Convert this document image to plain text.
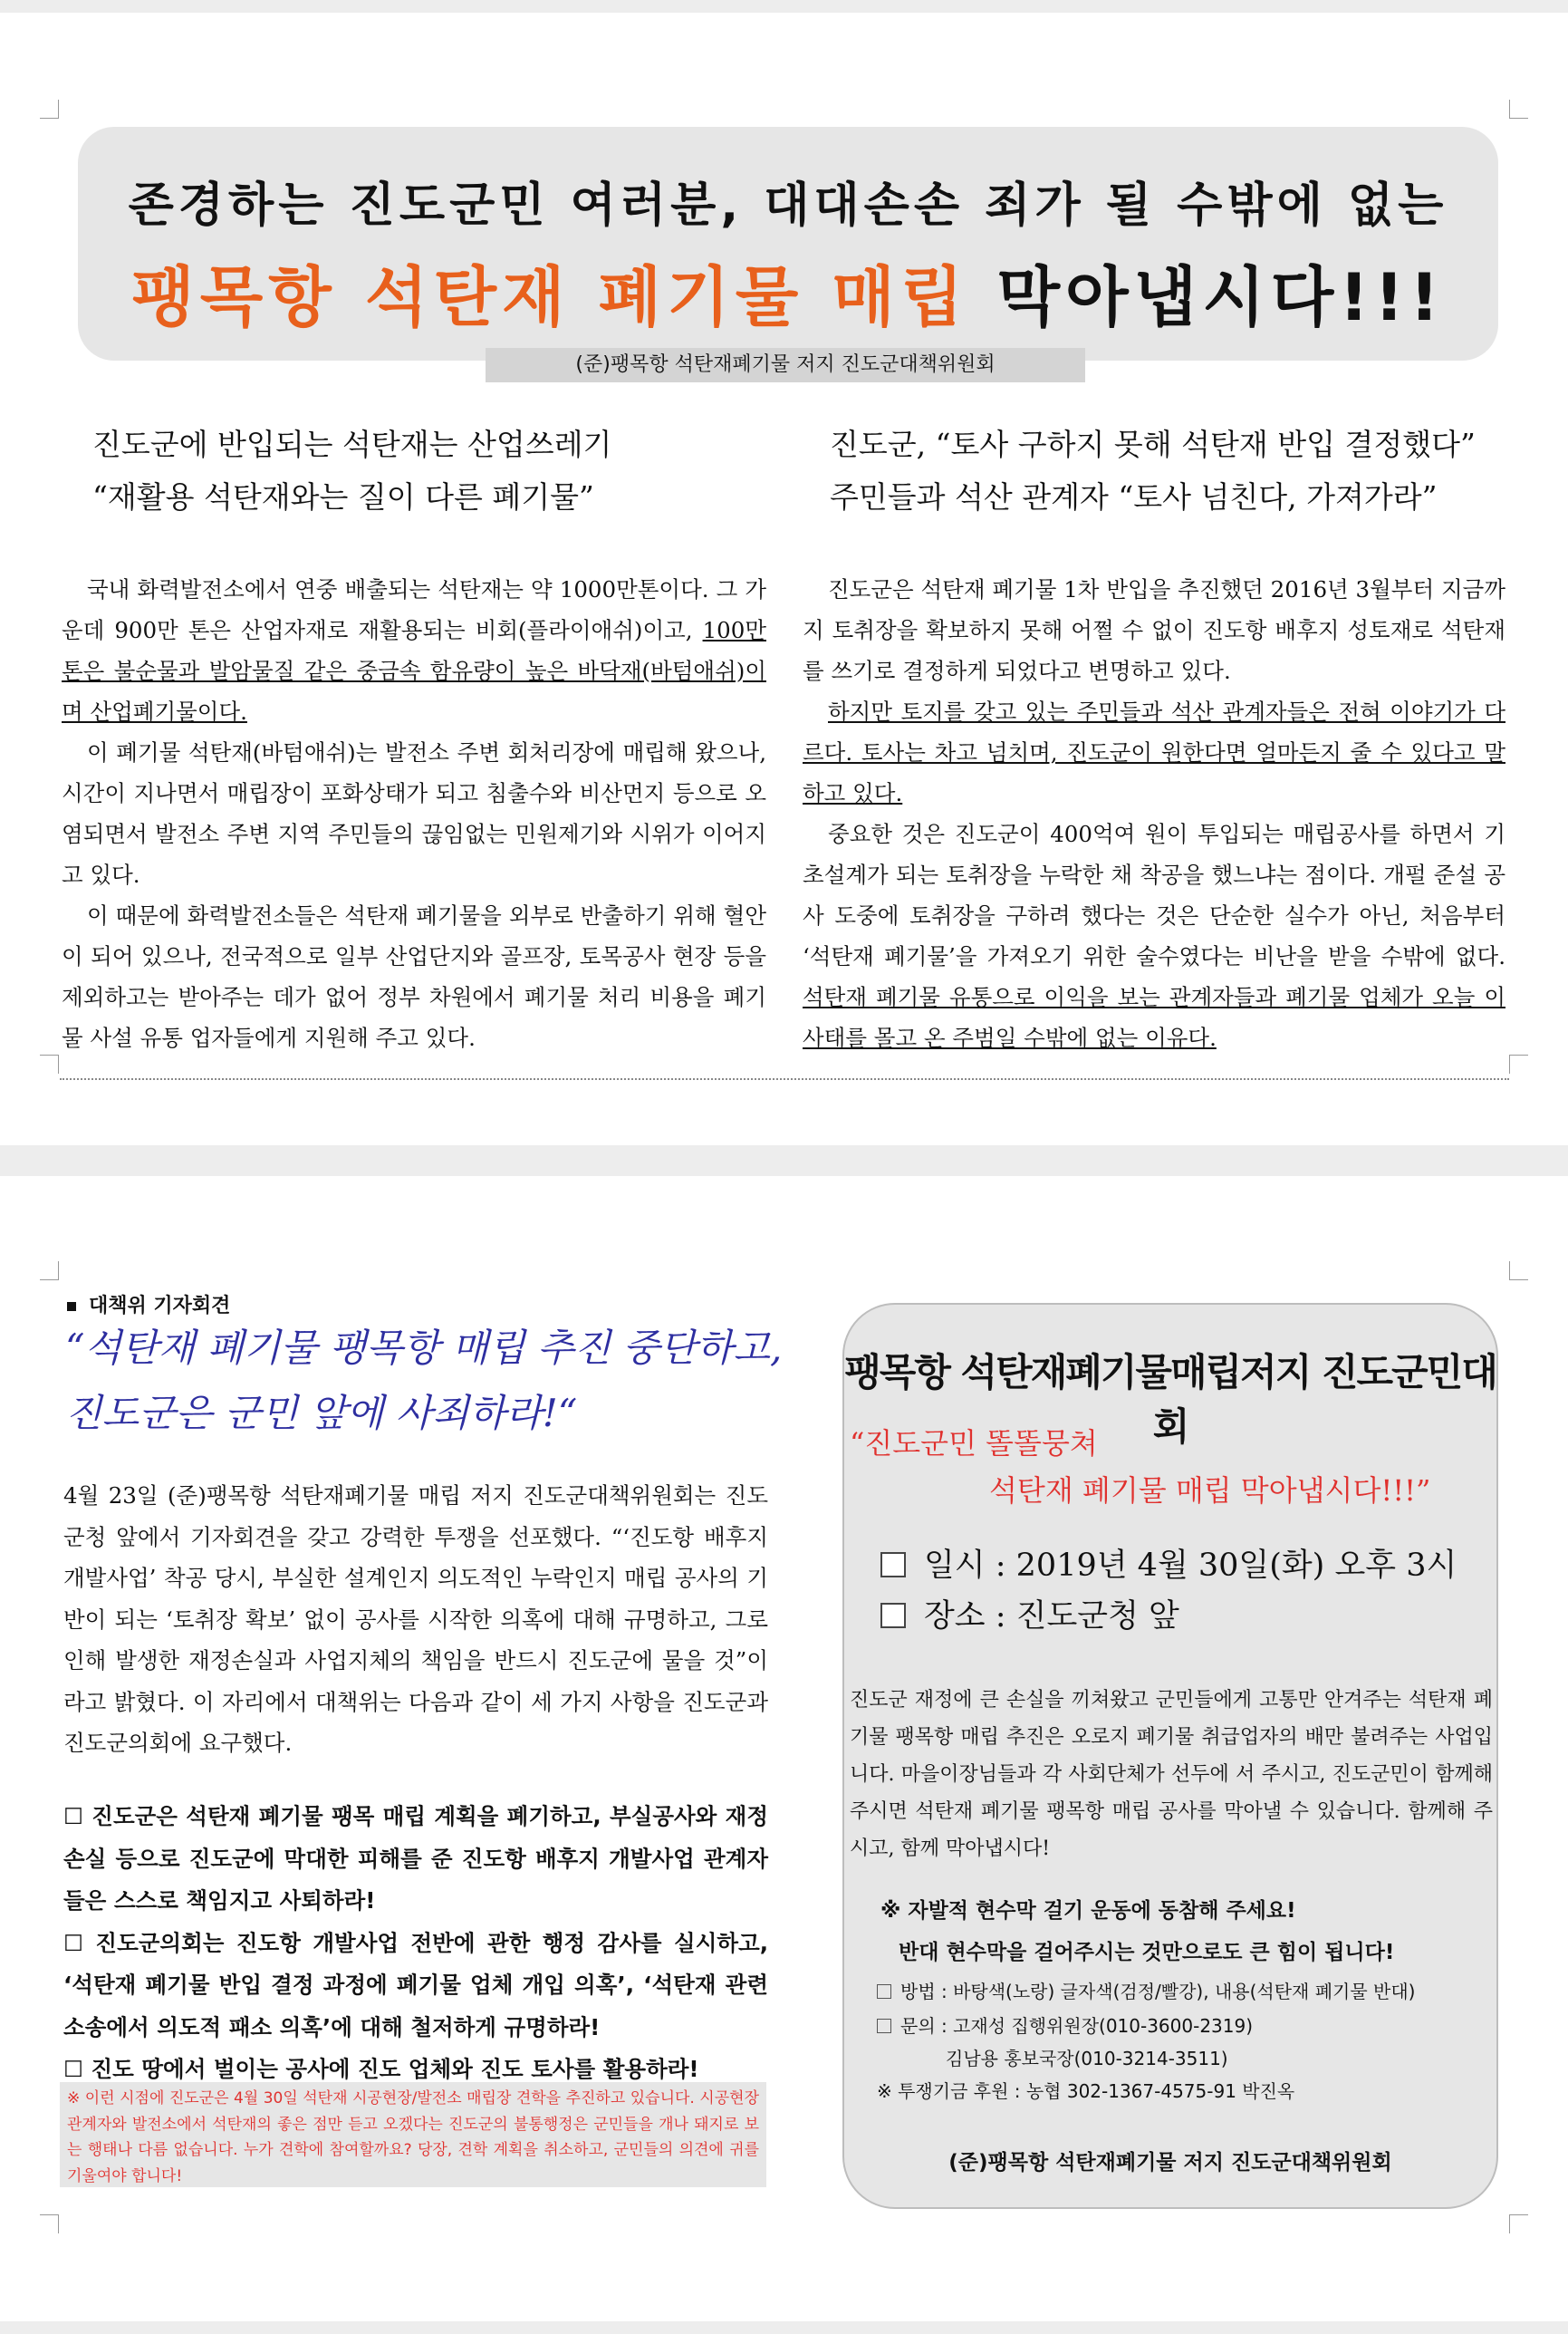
존경하는 진도군민 여러분, 대대손손 죄가 될 수밖에 없는
팽목항 석탄재 폐기물 매립 막아냅시다!!!
(준)팽목항 석탄재폐기물 저지 진도군대책위원회
진도군에 반입되는 석탄재는 산업쓰레기
“재활용 석탄재와는 질이 다른 폐기물”
진도군, “토사 구하지 못해 석탄재 반입 결정했다”
주민들과 석산 관계자 “토사 넘친다, 가져가라”

국내 화력발전소에서 연중 배출되는 석탄재는 약 1000만톤이다. 그 가운데 900만 톤은 산업자재로 재활용되는 비회(플라이애쉬)이고, 100만톤은 불순물과 발암물질 같은 중금속 함유량이 높은 바닥재(바텀애쉬)이며 산업폐기물이다.

이 폐기물 석탄재(바텀애쉬)는 발전소 주변 회처리장에 매립해 왔으나, 시간이 지나면서 매립장이 포화상태가 되고 침출수와 비산먼지 등으로 오염되면서 발전소 주변 지역 주민들의 끊임없는 민원제기와 시위가 이어지고 있다.

이 때문에 화력발전소들은 석탄재 폐기물을 외부로 반출하기 위해 혈안이 되어 있으나, 전국적으로 일부 산업단지와 골프장, 토목공사 현장 등을 제외하고는 받아주는 데가 없어 정부 차원에서 폐기물 처리 비용을 폐기물 사설 유통 업자들에게 지원해 주고 있다.

진도군은 석탄재 폐기물 1차 반입을 추진했던 2016년 3월부터 지금까지 토취장을 확보하지 못해 어쩔 수 없이 진도항 배후지 성토재로 석탄재를 쓰기로 결정하게 되었다고 변명하고 있다.

하지만 토지를 갖고 있는 주민들과 석산 관계자들은 전혀 이야기가 다르다. 토사는 차고 넘치며, 진도군이 원한다면 얼마든지 줄 수 있다고 말하고 있다.

중요한 것은 진도군이 400억여 원이 투입되는 매립공사를 하면서 기초설계가 되는 토취장을 누락한 채 착공을 했느냐는 점이다. 개펄 준설 공사 도중에 토취장을 구하려 했다는 것은 단순한 실수가 아닌, 처음부터 ‘석탄재 폐기물’을 가져오기 위한 술수였다는 비난을 받을 수밖에 없다. 석탄재 폐기물 유통으로 이익을 보는 관계자들과 폐기물 업체가 오늘 이 사태를 몰고 온 주범일 수밖에 없는 이유다.

대책위 기자회견
“석탄재 폐기물 팽목항 매립 추진 중단하고,
진도군은 군민 앞에 사죄하라!“
4월 23일 (준)팽목항 석탄재폐기물 매립 저지 진도군대책위원회는 진도군청 앞에서 기자회견을 갖고 강력한 투쟁을 선포했다. “‘진도항 배후지 개발사업’ 착공 당시, 부실한 설계인지 의도적인 누락인지 매립 공사의 기반이 되는 ‘토취장 확보’ 없이 공사를 시작한 의혹에 대해 규명하고, 그로 인해 발생한 재정손실과 사업지체의 책임을 반드시 진도군에 물을 것”이라고 밝혔다. 이 자리에서 대책위는 다음과 같이 세 가지 사항을 진도군과 진도군의회에 요구했다.
☐ 진도군은 석탄재 폐기물 팽목 매립 계획을 폐기하고, 부실공사와 재정손실 등으로 진도군에 막대한 피해를 준 진도항 배후지 개발사업 관계자들은 스스로 책임지고 사퇴하라!
☐ 진도군의회는 진도항 개발사업 전반에 관한 행정 감사를 실시하고, ‘석탄재 폐기물 반입 결정 과정에 폐기물 업체 개입 의혹’, ‘석탄재 관련 소송에서 의도적 패소 의혹’에 대해 철저하게 규명하라!
☐ 진도 땅에서 벌이는 공사에 진도 업체와 진도 토사를 활용하라!
※ 이런 시점에 진도군은 4월 30일 석탄재 시공현장/발전소 매립장 견학을 추진하고 있습니다. 시공현장 관계자와 발전소에서 석탄재의 좋은 점만 듣고 오겠다는 진도군의 불통행정은 군민들을 개나 돼지로 보는 행태나 다름 없습니다. 누가 견학에 참여할까요? 당장, 견학 계획을 취소하고, 군민들의 의견에 귀를 기울여야 합니다!
팽목항 석탄재폐기물매립저지 진도군민대회
“진도군민 똘똘뭉쳐
석탄재 폐기물 매립 막아냅시다!!!”
일시 : 2019년 4월 30일(화) 오후 3시
장소 : 진도군청 앞
진도군 재정에 큰 손실을 끼쳐왔고 군민들에게 고통만 안겨주는 석탄재 폐기물 팽목항 매립 추진은 오로지 폐기물 취급업자의 배만 불려주는 사업입니다. 마을이장님들과 각 사회단체가 선두에 서 주시고, 진도군민이 함께해 주시면 석탄재 폐기물 팽목항 매립 공사를 막아낼 수 있습니다. 함께해 주시고, 함께 막아냅시다!
※ 자발적 현수막 걸기 운동에 동참해 주세요!
반대 현수막을 걸어주시는 것만으로도 큰 힘이 됩니다!
방법 : 바탕색(노랑) 글자색(검정/빨강), 내용(석탄재 폐기물 반대)
문의 : 고재성 집행위원장(010-3600-2319)
김남용 홍보국장(010-3214-3511)
※ 투쟁기금 후원 : 농협 302-1367-4575-91 박진옥
(준)팽목항 석탄재폐기물 저지 진도군대책위원회
